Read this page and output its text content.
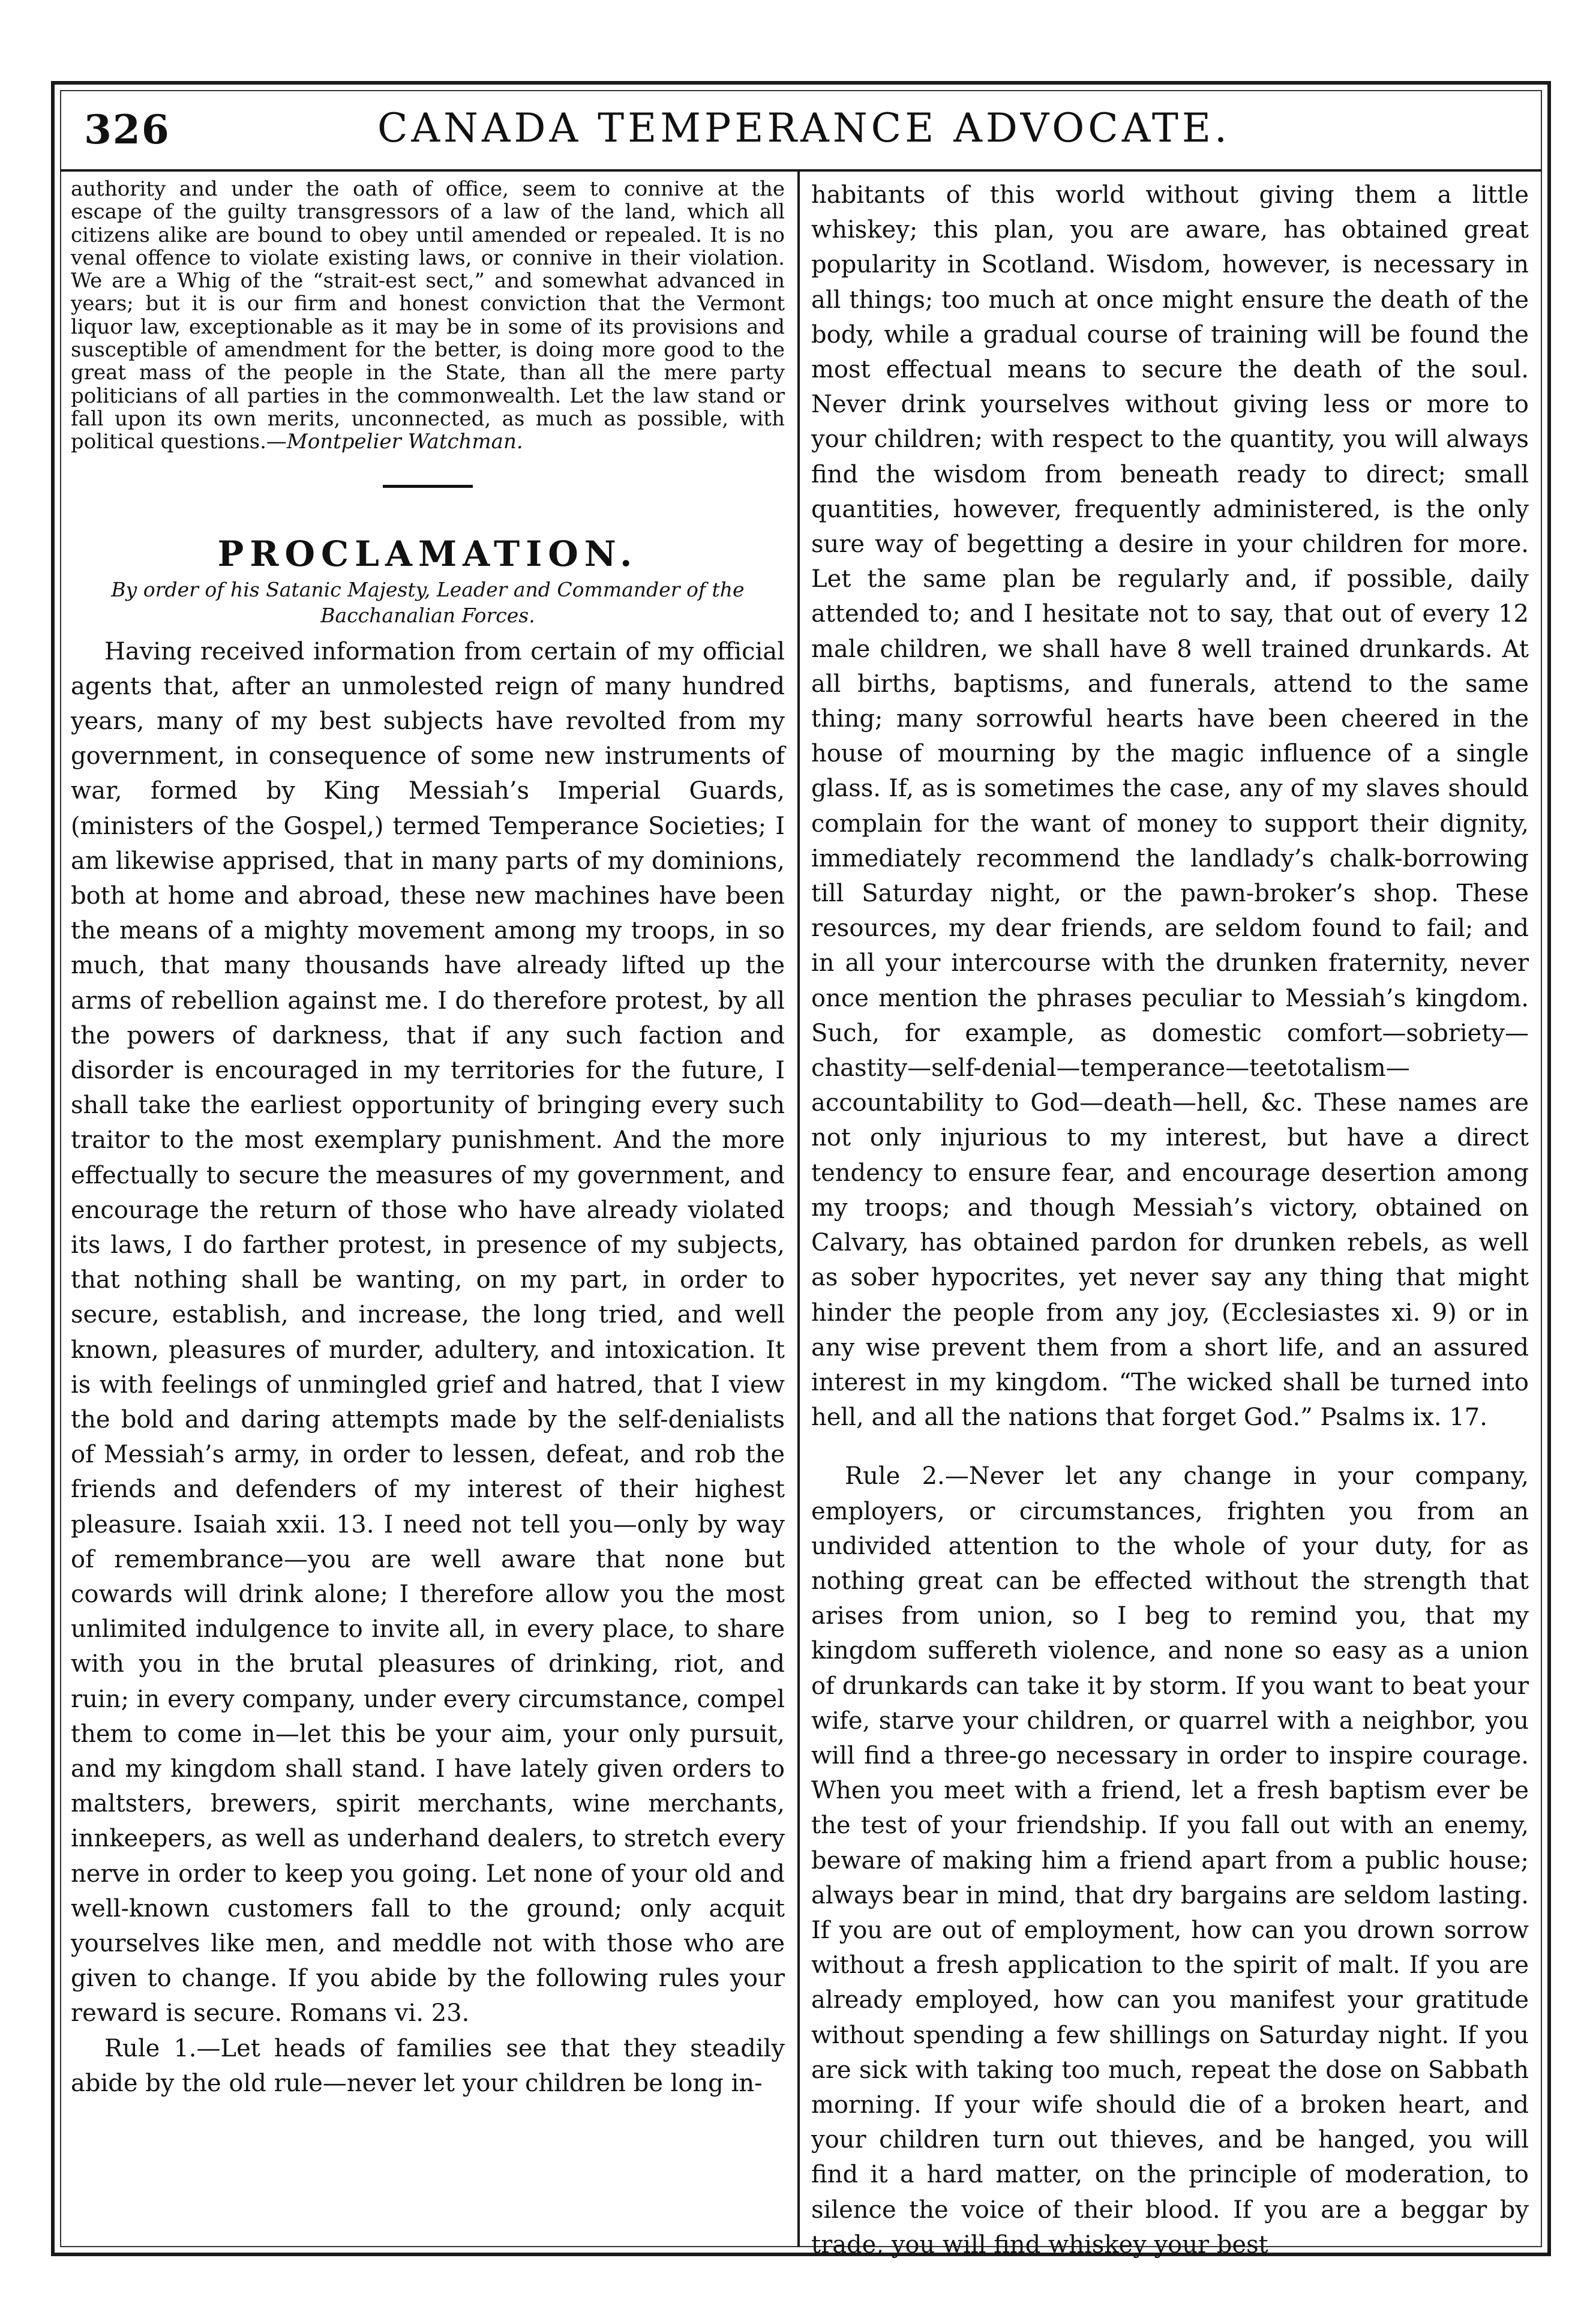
326	CANADA TEMPERANCE ADVOCATE.

authority and under the oath of office, seem to connive at the escape of the guilty transgressors of a law of the land, which all citizens alike are bound to obey until amended or repealed. It is no venal offence to violate existing laws, or connive in their violation. We are a Whig of the “strait-est sect,” and somewhat advanced in years; but it is our firm and honest conviction that the Vermont liquor law, exceptionable as it may be in some of its provisions and susceptible of amendment for the better, is doing more good to the great mass of the people in the State, than all the mere party politicians of all parties in the commonwealth. Let the law stand or fall upon its own merits, unconnected, as much as possible, with political questions.—Montpelier Watchman.

PROCLAMATION.

By order of his Satanic Majesty, Leader and Commander of the Bacchanalian Forces.

Having received information from certain of my official agents that, after an unmolested reign of many hundred years, many of my best subjects have revolted from my government, in consequence of some new instruments of war, formed by King Messiah’s Imperial Guards, (ministers of the Gospel,) termed Temperance Societies; I am likewise apprised, that in many parts of my dominions, both at home and abroad, these new machines have been the means of a mighty movement among my troops, in so much, that many thousands have already lifted up the arms of rebellion against me. I do therefore protest, by all the powers of darkness, that if any such faction and disorder is encouraged in my territories for the future, I shall take the earliest opportunity of bringing every such traitor to the most exemplary punishment. And the more effectually to secure the measures of my government, and encourage the return of those who have already violated its laws, I do farther protest, in presence of my subjects, that nothing shall be wanting, on my part, in order to secure, establish, and increase, the long tried, and well known, pleasures of murder, adultery, and intoxication. It is with feelings of unmingled grief and hatred, that I view the bold and daring attempts made by the self-denialists of Messiah’s army, in order to lessen, defeat, and rob the friends and defenders of my interest of their highest pleasure. Isaiah xxii. 13. I need not tell you—only by way of remembrance—you are well aware that none but cowards will drink alone; I therefore allow you the most unlimited indulgence to invite all, in every place, to share with you in the brutal pleasures of drinking, riot, and ruin; in every company, under every circumstance, compel them to come in—let this be your aim, your only pursuit, and my kingdom shall stand. I have lately given orders to maltsters, brewers, spirit merchants, wine merchants, innkeepers, as well as underhand dealers, to stretch every nerve in order to keep you going. Let none of your old and well-known customers fall to the ground; only acquit yourselves like men, and meddle not with those who are given to change. If you abide by the following rules your reward is secure. Romans vi. 23.

Rule 1.—Let heads of families see that they steadily abide by the old rule—never let your children be long in-

habitants of this world without giving them a little whiskey; this plan, you are aware, has obtained great popularity in Scotland. Wisdom, however, is necessary in all things; too much at once might ensure the death of the body, while a gradual course of training will be found the most effectual means to secure the death of the soul. Never drink yourselves without giving less or more to your children; with respect to the quantity, you will always find the wisdom from beneath ready to direct; small quantities, however, frequently administered, is the only sure way of begetting a desire in your children for more. Let the same plan be regularly and, if possible, daily attended to; and I hesitate not to say, that out of every 12 male children, we shall have 8 well trained drunkards. At all births, baptisms, and funerals, attend to the same thing; many sorrowful hearts have been cheered in the house of mourning by the magic influence of a single glass. If, as is sometimes the case, any of my slaves should complain for the want of money to support their dignity, immediately recommend the landlady’s chalk-borrowing till Saturday night, or the pawn-broker’s shop. These resources, my dear friends, are seldom found to fail; and in all your intercourse with the drunken fraternity, never once mention the phrases peculiar to Messiah’s kingdom. Such, for example, as domestic comfort—sobriety—chastity—self-denial—temperance—teetotalism—accountability to God—death—hell, &c. These names are not only injurious to my interest, but have a direct tendency to ensure fear, and encourage desertion among my troops; and though Messiah’s victory, obtained on Calvary, has obtained pardon for drunken rebels, as well as sober hypocrites, yet never say any thing that might hinder the people from any joy, (Ecclesiastes xi. 9) or in any wise prevent them from a short life, and an assured interest in my kingdom. “The wicked shall be turned into hell, and all the nations that forget God.” Psalms ix. 17.

Rule 2.—Never let any change in your company, employers, or circumstances, frighten you from an undivided attention to the whole of your duty, for as nothing great can be effected without the strength that arises from union, so I beg to remind you, that my kingdom suffereth violence, and none so easy as a union of drunkards can take it by storm. If you want to beat your wife, starve your children, or quarrel with a neighbor, you will find a three-go necessary in order to inspire courage. When you meet with a friend, let a fresh baptism ever be the test of your friendship. If you fall out with an enemy, beware of making him a friend apart from a public house; always bear in mind, that dry bargains are seldom lasting. If you are out of employment, how can you drown sorrow without a fresh application to the spirit of malt. If you are already employed, how can you manifest your gratitude without spending a few shillings on Saturday night. If you are sick with taking too much, repeat the dose on Sabbath morning. If your wife should die of a broken heart, and your children turn out thieves, and be hanged, you will find it a hard matter, on the principle of moderation, to silence the voice of their blood. If you are a beggar by trade, you will find whiskey your best
